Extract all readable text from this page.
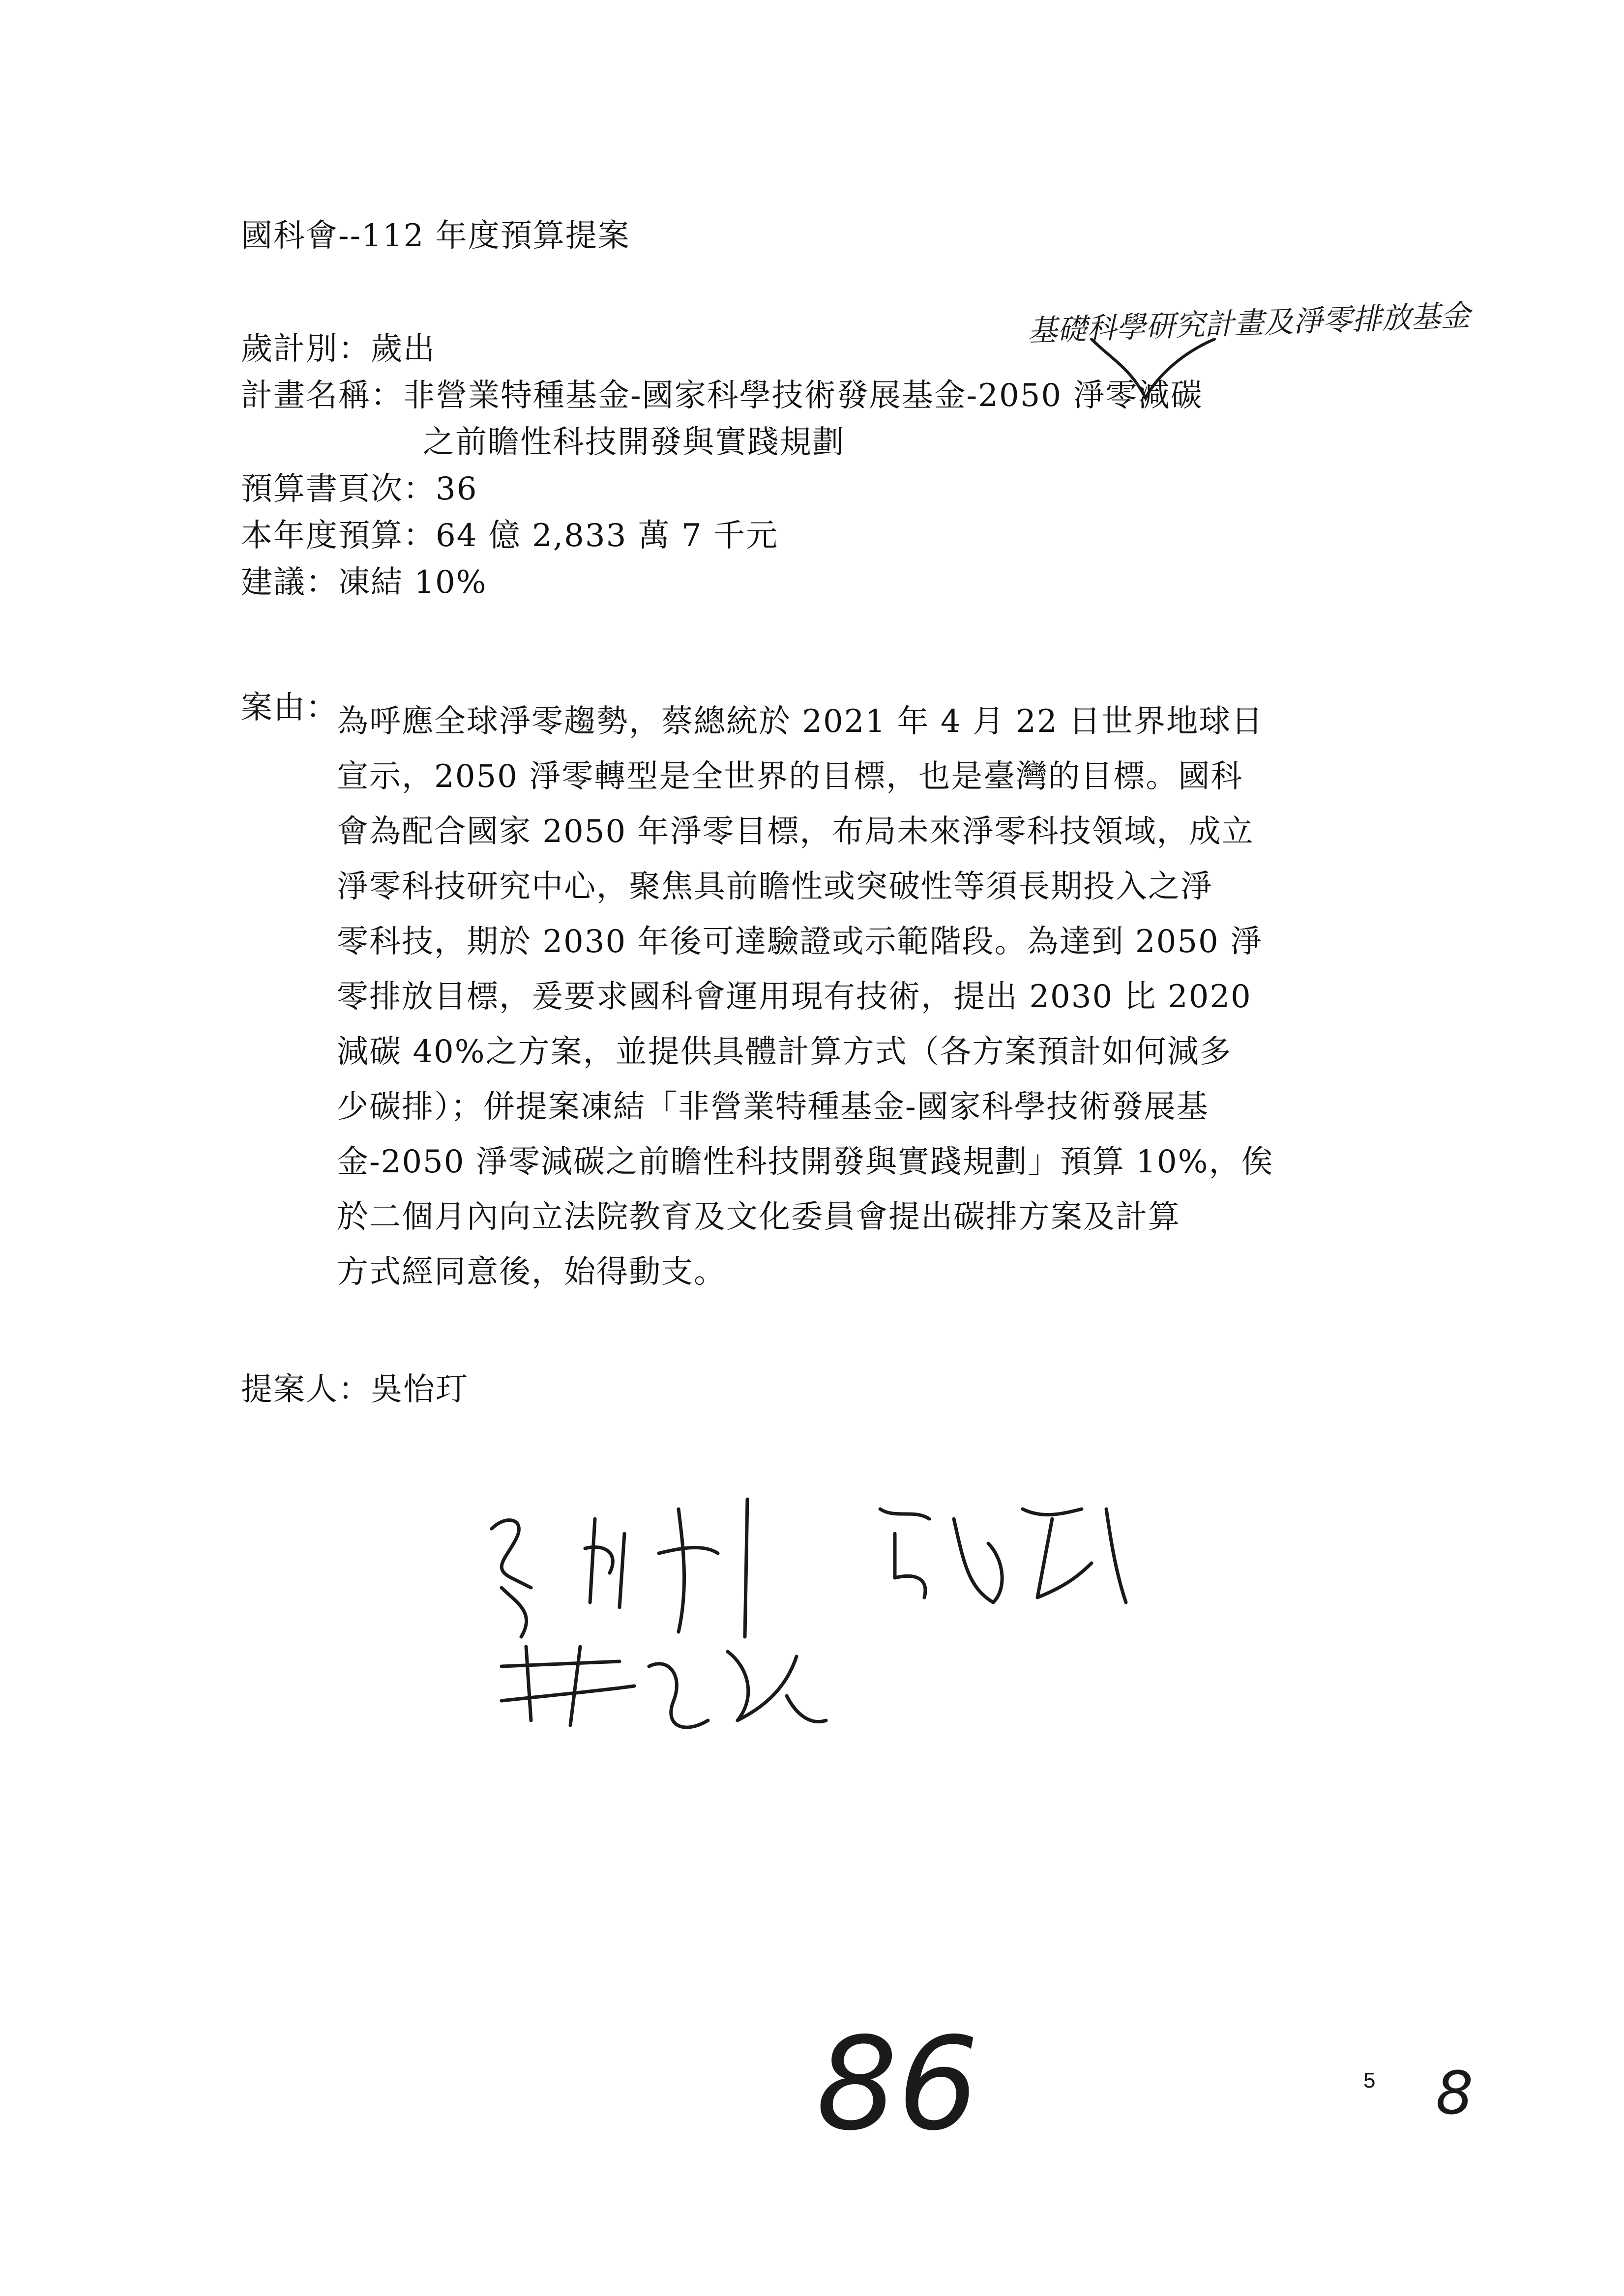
國科會--112 年度預算提案
基礎科學研究計畫及淨零排放基金
歲計別：歲出
計畫名稱：非營業特種基金-國家科學技術發展基金-2050 淨零減碳
之前瞻性科技開發與實踐規劃
預算書頁次：36
本年度預算：64 億 2,833 萬 7 千元
建議：凍結 10%
案由：
為呼應全球淨零趨勢，蔡總統於 2021 年 4 月 22 日世界地球日
宣示，2050 淨零轉型是全世界的目標，也是臺灣的目標。國科
會為配合國家 2050 年淨零目標，布局未來淨零科技領域，成立
淨零科技研究中心，聚焦具前瞻性或突破性等須長期投入之淨
零科技，期於 2030 年後可達驗證或示範階段。為達到 2050 淨
零排放目標，爰要求國科會運用現有技術，提出 2030 比 2020
減碳 40%之方案，並提供具體計算方式（各方案預計如何減多
少碳排）；併提案凍結「非營業特種基金-國家科學技術發展基
金-2050 淨零減碳之前瞻性科技開發與實踐規劃」預算 10%，俟
於二個月內向立法院教育及文化委員會提出碳排方案及計算
方式經同意後，始得動支。
提案人：吳怡玎
86	5 8
